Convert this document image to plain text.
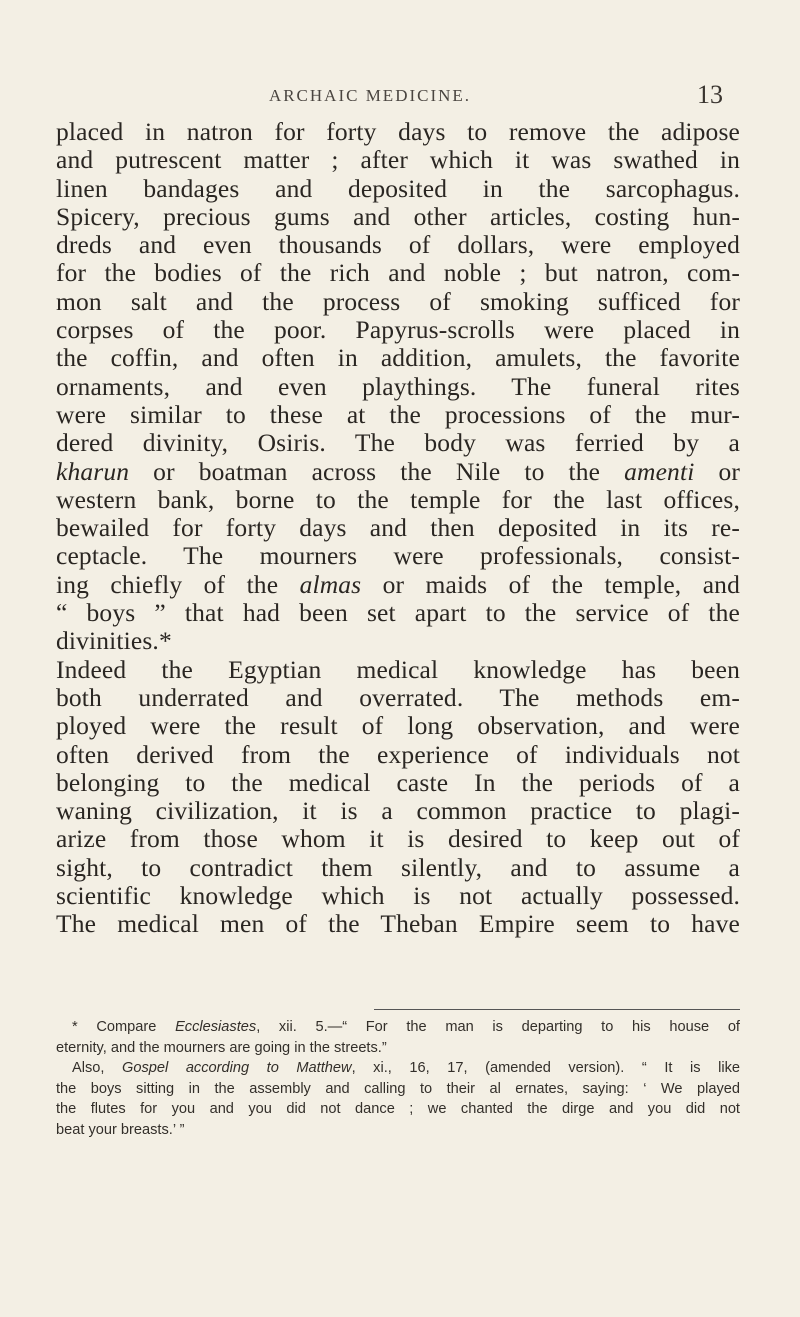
ARCHAIC MEDICINE.	13
placed in natron for forty days to remove the adipose
and putrescent matter ; after which it was swathed in
linen bandages and deposited in the sarcophagus.
Spicery, precious gums and other articles, costing hun-
dreds and even thousands of dollars, were employed
for the bodies of the rich and noble ; but natron, com-
mon salt and the process of smoking sufficed for
corpses of the poor. Papyrus-scrolls were placed in
the coffin, and often in addition, amulets, the favorite
ornaments, and even playthings. The funeral rites
were similar to these at the processions of the mur-
dered divinity, Osiris. The body was ferried by a
kharun or boatman across the Nile to the amenti or
western bank, borne to the temple for the last offices,
bewailed for forty days and then deposited in its re-
ceptacle. The mourners were professionals, consist-
ing chiefly of the almas or maids of the temple, and
“ boys ” that had been set apart to the service of the
divinities.*
Indeed the Egyptian medical knowledge has been
both underrated and overrated. The methods em-
ployed were the result of long observation, and were
often derived from the experience of individuals not
belonging to the medical caste In the periods of a
waning civilization, it is a common practice to plagi-
arize from those whom it is desired to keep out of
sight, to contradict them silently, and to assume a
scientific knowledge which is not actually possessed.
The medical men of the Theban Empire seem to have
* Compare Ecclesiastes, xii. 5.—“ For the man is departing to his house of
eternity, and the mourners are going in the streets.”
Also, Gospel according to Matthew, xi., 16, 17, (amended version). “ It is like
the boys sitting in the assembly and calling to their al ernates, saying: ‘ We played
the flutes for you and you did not dance ; we chanted the dirge and you did not
beat your breasts.’ ”
